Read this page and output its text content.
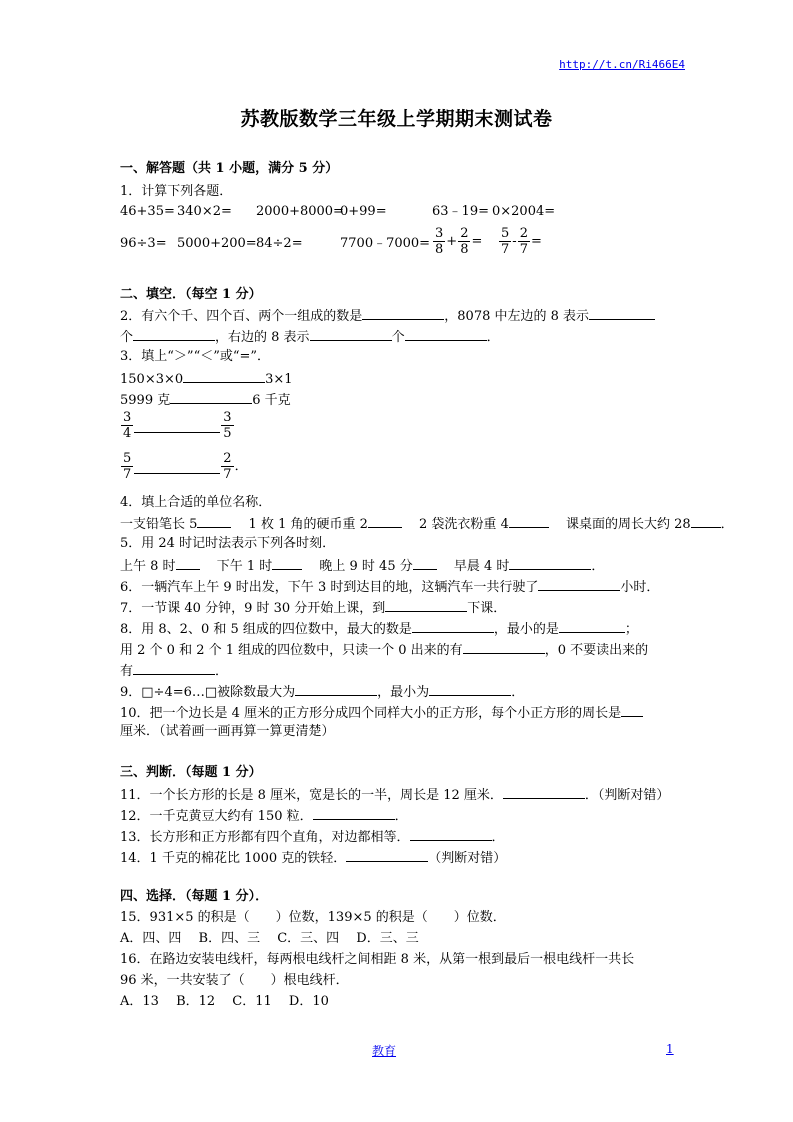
http://t.cn/Ri466E4
苏教版数学三年级上学期期末测试卷
一、解答题（共 1 小题，满分 5 分）
1．计算下列各题．
46+35= 340×2= 2000+8000=
0+99=	63﹣19= 0×2004=
96÷3= 5000+200= 84÷2=	7700﹣7000= $\frac{3}{8} + \frac{2}{8} = \frac{5}{7} - \frac{2}{7}$ =
二、填空．（每空 1 分）
2．有六个千、四个百、两个一组成的数是	，8078 中左边的 8 表示
个	，右边的 8 表示	个	．
3．填上“＞”“＜”或“=”．
150×3×0	3×1
5999 克	6 千克
$\frac{3}{4}$	$\frac{3}{5}$
$\frac{5}{7}$	$\frac{2}{7}$ ．
4．填上合适的单位名称．
一支铅笔长 5　	1 枚 1 角的硬币重 2　	2 袋洗衣粉重 4　	课桌面的周长大约 28 ．
5．用 24 时记时法表示下列各时刻．
上午 8 时　	下午 1 时　	晚上 9 时 45 分　	早晨 4 时	．
6．一辆汽车上午 9 时出发，下午 3 时到达目的地，这辆汽车一共行驶了	小时．
7．一节课 40 分钟，9 时 30 分开始上课，到	下课．
8．用 8、2、0 和 5 组成的四位数中，最大的数是	，最小的是	；
用 2 个 0 和 2 个 1 组成的四位数中，只读一个 0 出来的有	，0 不要读出来的
有	．
9．□÷4=6…□被除数最大为	，最小为	．
10．把一个边长是 4 厘米的正方形分成四个同样大小的正方形，每个小正方形的周长是
厘米．（试着画一画再算一算更清楚）
三、判断．（每题 1 分）
11．一个长方形的长是 8 厘米，宽是长的一半，周长是 12 厘米．	．（判断对错）
12．一千克黄豆大约有 150 粒．	．
13．长方形和正方形都有四个直角，对边都相等．	．
14．1 千克的棉花比 1000 克的铁轻．	（判断对错）
四、选择．（每题 1 分）．
15．931×5 的积是（　　）位数，139×5 的积是（　　）位数．
A．四、四　 B．四、三　 C．三、四　 D．三、三
16．在路边安装电线杆，每两根电线杆之间相距 8 米，从第一根到最后一根电线杆一共长
96 米，一共安装了（　　）根电线杆．
A．13　 B．12　 C．11　 D．10
教育	1
